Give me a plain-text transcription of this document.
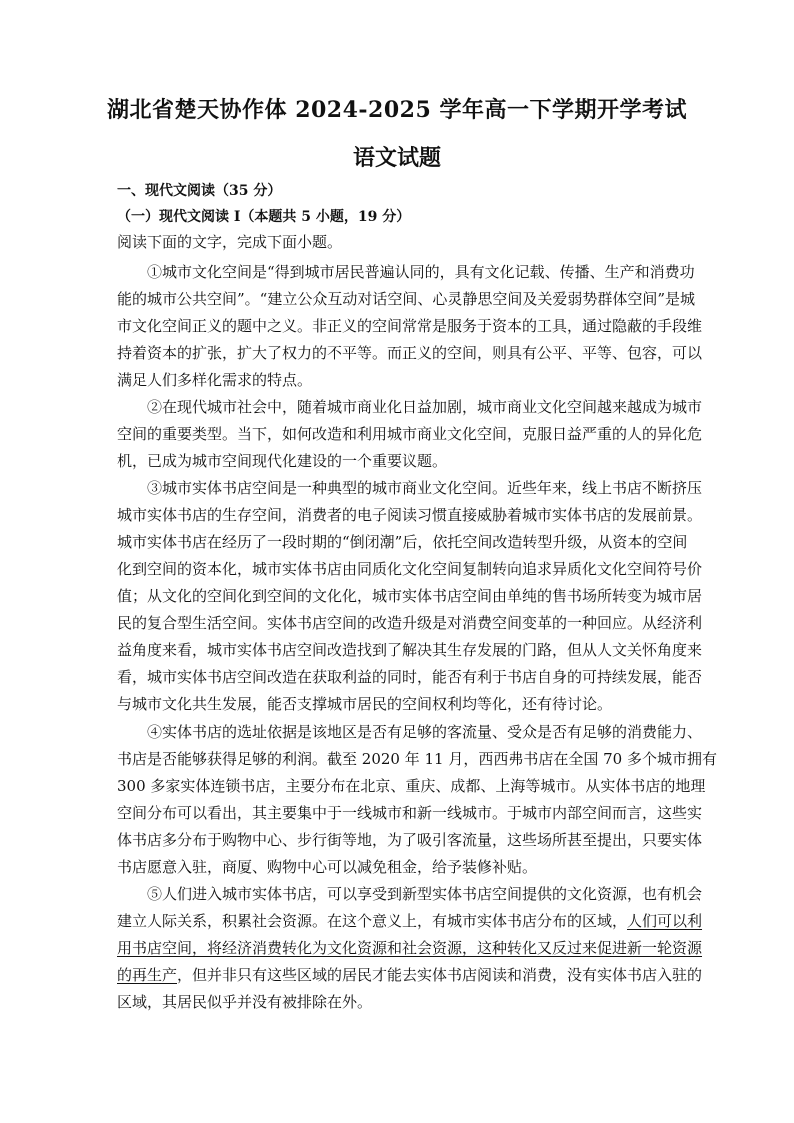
湖北省楚天协作体 2024-2025 学年高一下学期开学考试
语文试题
一、现代文阅读（35 分）
（一）现代文阅读 I（本题共 5 小题，19 分）
阅读下面的文字，完成下面小题。
①城市文化空间是“得到城市居民普遍认同的，具有文化记载、传播、生产和消费功
能的城市公共空间”。“建立公众互动对话空间、心灵静思空间及关爱弱势群体空间”是城
市文化空间正义的题中之义。非正义的空间常常是服务于资本的工具，通过隐蔽的手段维
持着资本的扩张，扩大了权力的不平等。而正义的空间，则具有公平、平等、包容，可以
满足人们多样化需求的特点。
②在现代城市社会中，随着城市商业化日益加剧，城市商业文化空间越来越成为城市
空间的重要类型。当下，如何改造和利用城市商业文化空间，克服日益严重的人的异化危
机，已成为城市空间现代化建设的一个重要议题。
③城市实体书店空间是一种典型的城市商业文化空间。近些年来，线上书店不断挤压
城市实体书店的生存空间，消费者的电子阅读习惯直接威胁着城市实体书店的发展前景。
城市实体书店在经历了一段时期的“倒闭潮”后，依托空间改造转型升级，从资本的空间
化到空间的资本化，城市实体书店由同质化文化空间复制转向追求异质化文化空间符号价
值；从文化的空间化到空间的文化化，城市实体书店空间由单纯的售书场所转变为城市居
民的复合型生活空间。实体书店空间的改造升级是对消费空间变革的一种回应。从经济利
益角度来看，城市实体书店空间改造找到了解决其生存发展的门路，但从人文关怀角度来
看，城市实体书店空间改造在获取利益的同时，能否有利于书店自身的可持续发展，能否
与城市文化共生发展，能否支撑城市居民的空间权利均等化，还有待讨论。
④实体书店的选址依据是该地区是否有足够的客流量、受众是否有足够的消费能力、
书店是否能够获得足够的利润。截至 2020 年 11 月，西西弗书店在全国 70 多个城市拥有
300 多家实体连锁书店，主要分布在北京、重庆、成都、上海等城市。从实体书店的地理
空间分布可以看出，其主要集中于一线城市和新一线城市。于城市内部空间而言，这些实
体书店多分布于购物中心、步行街等地，为了吸引客流量，这些场所甚至提出，只要实体
书店愿意入驻，商厦、购物中心可以减免租金，给予装修补贴。
⑤人们进入城市实体书店，可以享受到新型实体书店空间提供的文化资源，也有机会
建立人际关系，积累社会资源。在这个意义上，有城市实体书店分布的区域，人们可以利
用书店空间，将经济消费转化为文化资源和社会资源，这种转化又反过来促进新一轮资源
的再生产，但并非只有这些区域的居民才能去实体书店阅读和消费，没有实体书店入驻的
区域，其居民似乎并没有被排除在外。
